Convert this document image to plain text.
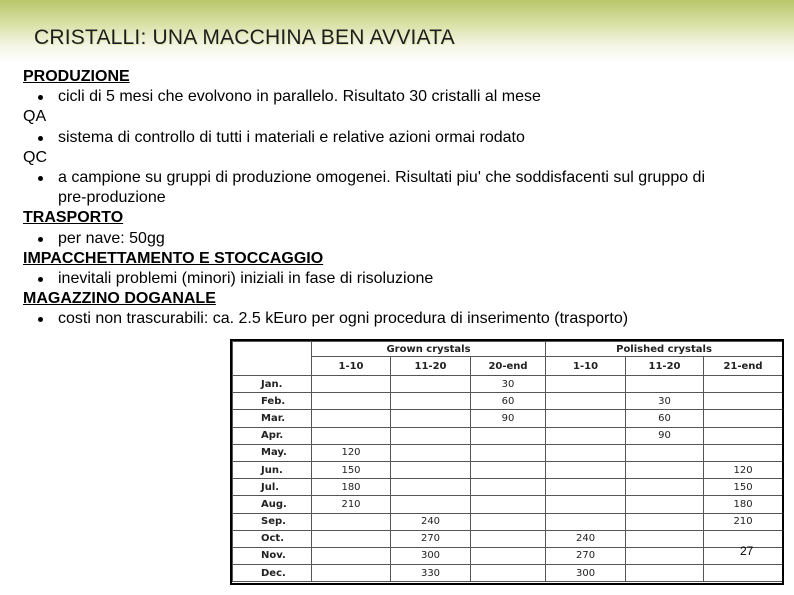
CRISTALLI: UNA MACCHINA BEN AVVIATA

PRODUZIONE

cicli di 5 mesi che evolvono in parallelo. Risultato 30 cristalli al mese

QA

sistema di controllo di tutti i materiali e relative azioni ormai rodato

QC

a campione su gruppi di produzione omogenei. Risultati piu' che soddisfacenti sul gruppo di pre-produzione

TRASPORTO

per nave: 50gg

IMPACCHETTAMENTO E STOCCAGGIO

inevitali problemi (minori) iniziali in fase di risoluzione

MAGAZZINO DOGANALE

costi non trascurabili: ca. 2.5 kEuro per ogni procedura di inserimento (trasporto)
	Grown crystals			Polished crystals		
	1-10	11-20	20-end	1-10	11-20	21-end
Jan.			30			
Feb.			60		30	
Mar.			90		60	
Apr.					90	
May.	120					
Jun.	150					120
Jul.	180					150
Aug.	210					180
Sep.		240				210
Oct.		270		240		
Nov.		300		270		
Dec.		330		300		
27
